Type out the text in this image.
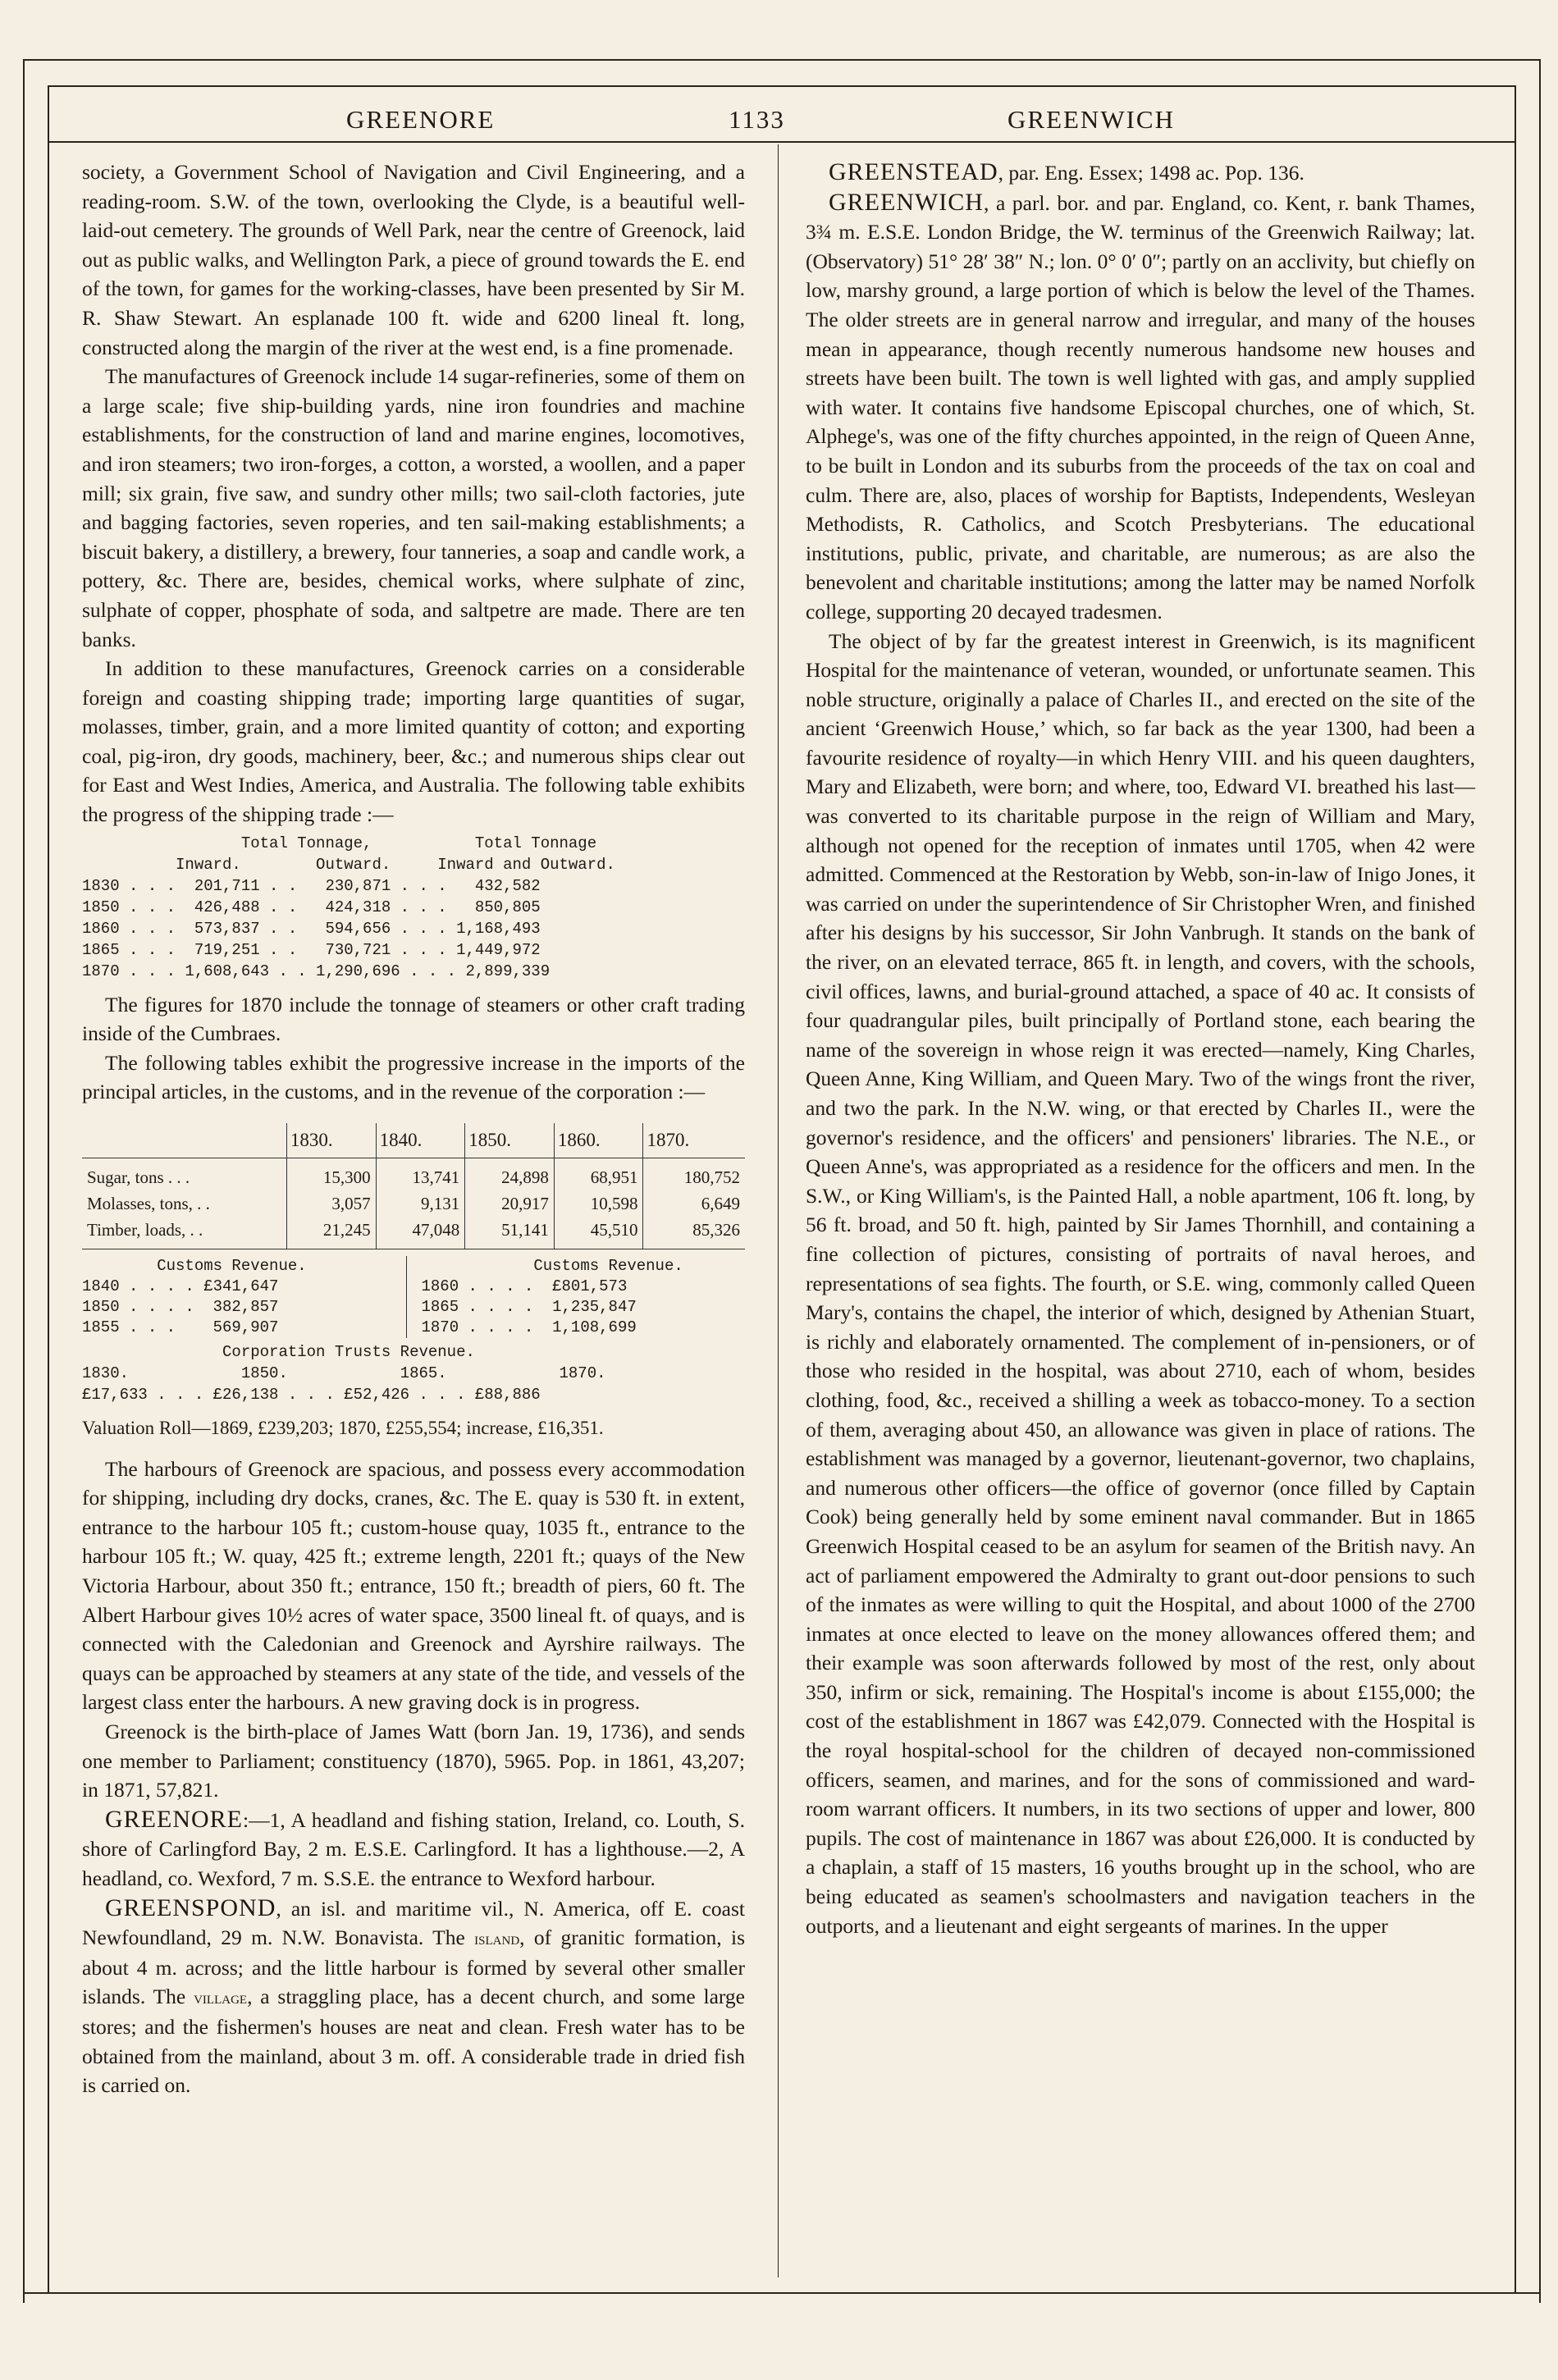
GREENORE	1133	GREENWICH

society, a Government School of Navigation and Civil Engineering, and a reading-room. S.W. of the town, overlooking the Clyde, is a beautiful well-laid-out cemetery. The grounds of Well Park, near the centre of Greenock, laid out as public walks, and Wellington Park, a piece of ground towards the E. end of the town, for games for the working-classes, have been presented by Sir M. R. Shaw Stewart. An esplanade 100 ft. wide and 6200 lineal ft. long, constructed along the margin of the river at the west end, is a fine promenade.

The manufactures of Greenock include 14 sugar-refineries, some of them on a large scale; five ship-building yards, nine iron foundries and machine establishments, for the construction of land and marine engines, locomotives, and iron steamers; two iron-forges, a cotton, a worsted, a woollen, and a paper mill; six grain, five saw, and sundry other mills; two sail-cloth factories, jute and bagging factories, seven roperies, and ten sail-making establishments; a biscuit bakery, a distillery, a brewery, four tanneries, a soap and candle work, a pottery, &c. There are, besides, chemical works, where sulphate of zinc, sulphate of copper, phosphate of soda, and saltpetre are made. There are ten banks.

In addition to these manufactures, Greenock carries on a considerable foreign and coasting shipping trade; importing large quantities of sugar, molasses, timber, grain, and a more limited quantity of cotton; and exporting coal, pig-iron, dry goods, machinery, beer, &c.; and numerous ships clear out for East and West Indies, America, and Australia. The following table exhibits the progress of the shipping trade :—

Total Tonnage,           Total Tonnage
Inward.        Outward.     Inward and Outward.
1830 . . .  201,711 . .   230,871 . . .   432,582
1850 . . .  426,488 . .   424,318 . . .   850,805
1860 . . .  573,837 . .   594,656 . . . 1,168,493
1865 . . .  719,251 . .   730,721 . . . 1,449,972
1870 . . . 1,608,643 . . 1,290,696 . . . 2,899,339

The figures for 1870 include the tonnage of steamers or other craft trading inside of the Cumbraes.

The following tables exhibit the progressive increase in the imports of the principal articles, in the customs, and in the revenue of the corporation :—

	1830.	1840.	1850.	1860.	1870.
Sugar, tons . . .	15,300	13,741	24,898	68,951	180,752
Molasses, tons, . .	3,057	9,131	20,917	10,598	6,649
Timber, loads, . .	21,245	47,048	51,141	45,510	85,326
Customs Revenue.
1840 . . . . £341,647
1850 . . . .  382,857
1855 . . .    569,907
Customs Revenue.
1860 . . . .  £801,573
1865 . . . .  1,235,847
1870 . . . .  1,108,699
Corporation Trusts Revenue.
1830.            1850.            1865.            1870.
£17,633 . . . £26,138 . . . £52,426 . . . £88,886

Valuation Roll—1869, £239,203; 1870, £255,554; increase, £16,351.

The harbours of Greenock are spacious, and possess every accommodation for shipping, including dry docks, cranes, &c. The E. quay is 530 ft. in extent, entrance to the harbour 105 ft.; custom-house quay, 1035 ft., entrance to the harbour 105 ft.; W. quay, 425 ft.; extreme length, 2201 ft.; quays of the New Victoria Harbour, about 350 ft.; entrance, 150 ft.; breadth of piers, 60 ft. The Albert Harbour gives 10½ acres of water space, 3500 lineal ft. of quays, and is connected with the Caledonian and Greenock and Ayrshire railways. The quays can be approached by steamers at any state of the tide, and vessels of the largest class enter the harbours. A new graving dock is in progress.

Greenock is the birth-place of James Watt (born Jan. 19, 1736), and sends one member to Parliament; constituency (1870), 5965. Pop. in 1861, 43,207; in 1871, 57,821.

GREENORE:—1, A headland and fishing station, Ireland, co. Louth, S. shore of Carlingford Bay, 2 m. E.S.E. Carlingford. It has a lighthouse.—2, A headland, co. Wexford, 7 m. S.S.E. the entrance to Wexford harbour.

GREENSPOND, an isl. and maritime vil., N. America, off E. coast Newfoundland, 29 m. N.W. Bonavista. The island, of granitic formation, is about 4 m. across; and the little harbour is formed by several other smaller islands. The village, a straggling place, has a decent church, and some large stores; and the fishermen's houses are neat and clean. Fresh water has to be obtained from the mainland, about 3 m. off. A considerable trade in dried fish is carried on.

GREENSTEAD, par. Eng. Essex; 1498 ac. Pop. 136.

GREENWICH, a parl. bor. and par. England, co. Kent, r. bank Thames, 3¾ m. E.S.E. London Bridge, the W. terminus of the Greenwich Railway; lat. (Observatory) 51° 28′ 38″ N.; lon. 0° 0′ 0″; partly on an acclivity, but chiefly on low, marshy ground, a large portion of which is below the level of the Thames. The older streets are in general narrow and irregular, and many of the houses mean in appearance, though recently numerous handsome new houses and streets have been built. The town is well lighted with gas, and amply supplied with water. It contains five handsome Episcopal churches, one of which, St. Alphege's, was one of the fifty churches appointed, in the reign of Queen Anne, to be built in London and its suburbs from the proceeds of the tax on coal and culm. There are, also, places of worship for Baptists, Independents, Wesleyan Methodists, R. Catholics, and Scotch Presbyterians. The educational institutions, public, private, and charitable, are numerous; as are also the benevolent and charitable institutions; among the latter may be named Norfolk college, supporting 20 decayed tradesmen.

The object of by far the greatest interest in Greenwich, is its magnificent Hospital for the maintenance of veteran, wounded, or unfortunate seamen. This noble structure, originally a palace of Charles II., and erected on the site of the ancient ‘Greenwich House,’ which, so far back as the year 1300, had been a favourite residence of royalty—in which Henry VIII. and his queen daughters, Mary and Elizabeth, were born; and where, too, Edward VI. breathed his last—was converted to its charitable purpose in the reign of William and Mary, although not opened for the reception of inmates until 1705, when 42 were admitted. Commenced at the Restoration by Webb, son-in-law of Inigo Jones, it was carried on under the superintendence of Sir Christopher Wren, and finished after his designs by his successor, Sir John Vanbrugh. It stands on the bank of the river, on an elevated terrace, 865 ft. in length, and covers, with the schools, civil offices, lawns, and burial-ground attached, a space of 40 ac. It consists of four quadrangular piles, built principally of Portland stone, each bearing the name of the sovereign in whose reign it was erected—namely, King Charles, Queen Anne, King William, and Queen Mary. Two of the wings front the river, and two the park. In the N.W. wing, or that erected by Charles II., were the governor's residence, and the officers' and pensioners' libraries. The N.E., or Queen Anne's, was appropriated as a residence for the officers and men. In the S.W., or King William's, is the Painted Hall, a noble apartment, 106 ft. long, by 56 ft. broad, and 50 ft. high, painted by Sir James Thornhill, and containing a fine collection of pictures, consisting of portraits of naval heroes, and representations of sea fights. The fourth, or S.E. wing, commonly called Queen Mary's, contains the chapel, the interior of which, designed by Athenian Stuart, is richly and elaborately ornamented. The complement of in-pensioners, or of those who resided in the hospital, was about 2710, each of whom, besides clothing, food, &c., received a shilling a week as tobacco-money. To a section of them, averaging about 450, an allowance was given in place of rations. The establishment was managed by a governor, lieutenant-governor, two chaplains, and numerous other officers—the office of governor (once filled by Captain Cook) being generally held by some eminent naval commander. But in 1865 Greenwich Hospital ceased to be an asylum for seamen of the British navy. An act of parliament empowered the Admiralty to grant out-door pensions to such of the inmates as were willing to quit the Hospital, and about 1000 of the 2700 inmates at once elected to leave on the money allowances offered them; and their example was soon afterwards followed by most of the rest, only about 350, infirm or sick, remaining. The Hospital's income is about £155,000; the cost of the establishment in 1867 was £42,079. Connected with the Hospital is the royal hospital-school for the children of decayed non-commissioned officers, seamen, and marines, and for the sons of commissioned and ward-room warrant officers. It numbers, in its two sections of upper and lower, 800 pupils. The cost of maintenance in 1867 was about £26,000. It is conducted by a chaplain, a staff of 15 masters, 16 youths brought up in the school, who are being educated as seamen's schoolmasters and navigation teachers in the outports, and a lieutenant and eight sergeants of marines. In the upper
